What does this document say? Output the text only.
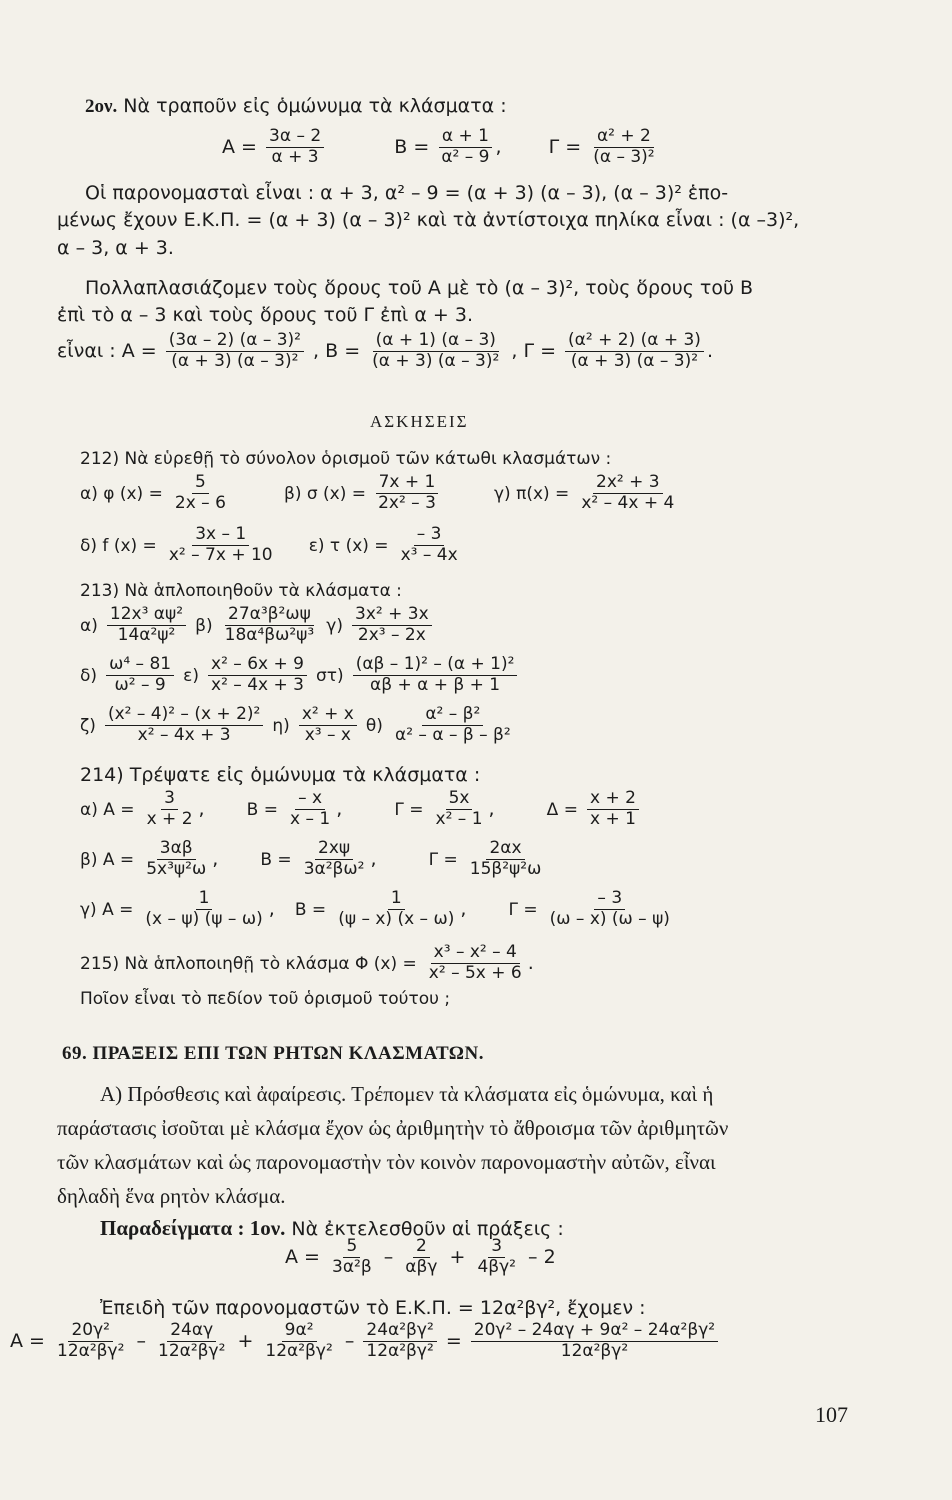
2ον. Νὰ τραποῦν εἰς ὁμώνυμα τὰ κλάσματα :
$A = \frac{3\alpha - 2}{\alpha + 3}$	$B = \frac{\alpha + 1}{\text{α² – 9}}$ , $\Gamma = \frac{\text{α² + 2}}{\text{(α – 3)²}}$
Οἱ παρονομασταὶ εἶναι : α + 3, α² – 9 = (α + 3) (α – 3), (α – 3)² ἑπο-
μένως ἔχουν Ε.Κ.Π. = (α + 3) (α – 3)² καὶ τὰ ἀντίστοιχα πηλίκα εἶναι : (α –3)²,
α – 3, α + 3.
Πολλαπλασιάζομεν τοὺς ὅρους τοῦ A μὲ τὸ (α – 3)², τοὺς ὅρους τοῦ B
ἐπὶ τὸ α – 3 καὶ τοὺς ὅρους τοῦ Γ ἐπὶ α + 3.
εἶναι : $A = \frac{\text{(3α – 2) (α – 3)²}}{\text{(α + 3) (α – 3)²}}$ , $B = \frac{(\alpha + 1) (\alpha - 3)}{\text{(α + 3) (α – 3)²}}$ , $\Gamma = \frac{\text{(α² + 2) (α + 3)}}{\text{(α + 3) (α – 3)²}}$ .
ΑΣΚΗΣΕΙΣ
212) Νὰ εὑρεθῇ τὸ σύνολον ὁρισμοῦ τῶν κάτωθι κλασμάτων :
α) φ $(x) = \frac{5}{2x - 6}$	β) σ $(x) = \frac{7x + 1}{\text{2x² – 3}}$	γ) $\pi(x) = \frac{\text{2x² + 3}}{\text{x² – 4x + 4}}$
δ) f $(x) = \frac{3x - 1}{\text{x² – 7x + 10}} \varepsilon$) τ $(x) = \frac{- 3}{\text{x³ – 4x}}$
213) Νὰ ἁπλοποιηθοῦν τὰ κλάσματα :
$\alpha) \frac{\text{12x³ αψ²}}{\text{14α²ψ²}} \beta) \frac{\text{27α³β²ωψ}}{\text{18α⁴βω²ψ³}} \gamma) \frac{\text{3x² + 3x}}{\text{2x³ – 2x}}$
$\delta) \frac{\text{ω⁴ – 81}}{\text{ω² – 9}} \varepsilon) \frac{\text{x² – 6x + 9}}{\text{x² – 4x + 3}} \sigma\tau) \frac{\text{(αβ – 1)² – (α + 1)²}}{\alpha\beta + \alpha + \beta + 1}$
$\zeta) \frac{\text{(x² – 4)² – (x + 2)²}}{\text{x² – 4x + 3}} \eta) \frac{\text{x² + x}}{\text{x³ – x}} \theta) \frac{\text{α² – β²}}{\text{α² – α – β – β²}}$
214) Τρέψατε εἰς ὁμώνυμα τὰ κλάσματα :
α) $A = \frac{3}{x + 2}$ , $B = \frac{- x}{x - 1}$ ,	$\Gamma = \frac{5x}{\text{x² – 1}}$ ,	$\Delta = \frac{x + 2}{x + 1}$
β) $A = \frac{3\alpha\beta}{\text{5x³ψ²ω}}$ , $B = \frac{2x\psi}{\text{3α²βω²}}$ ,	$\Gamma = \frac{2\alpha x}{\text{15β²ψ²ω}}$
γ) $A = \frac{1}{(x - \psi) (\psi - \omega)}$ , $B = \frac{1}{(\psi - x) (x - \omega)}$ , $\Gamma = \frac{- 3}{(\omega - x) (\omega - \psi)}$
215) Νὰ ἁπλοποιηθῇ τὸ κλάσμα Φ $(x) = \frac{\text{x³ – x² – 4}}{\text{x² – 5x + 6}}$ .
Ποῖον εἶναι τὸ πεδίον τοῦ ὁρισμοῦ τούτου ;
69. ΠΡΑΞΕΙΣ ΕΠΙ ΤΩΝ ΡΗΤΩΝ ΚΛΑΣΜΑΤΩΝ.
Α) Πρόσθεσις καὶ ἀφαίρεσις. Τρέπομεν τὰ κλάσματα εἰς ὁμώνυμα, καὶ ἡ
παράστασις ἰσοῦται μὲ κλάσμα ἔχον ὡς ἀριθμητὴν τὸ ἄθροισμα τῶν ἀριθμητῶν
τῶν κλασμάτων καὶ ὡς παρονομαστὴν τὸν κοινὸν παρονομαστὴν αὐτῶν, εἶναι
δηλαδὴ ἕνα ρητὸν κλάσμα.
Παραδείγματα : 1ον. Νὰ ἐκτελεσθοῦν αἱ πράξεις :
$A = \frac{5}{\text{3α²β}} - \frac{2}{\text{αβγ}} + \frac{3}{\text{4βγ²}} - 2$
Ἐπειδὴ τῶν παρονομαστῶν τὸ Ε.Κ.Π. = 12α²βγ², ἔχομεν :
$A = \frac{\text{20γ²}}{\text{12α²βγ²}} - \frac{24\alpha\gamma}{\text{12α²βγ²}} + \frac{\text{9α²}}{\text{12α²βγ²}} - \frac{\text{24α²βγ²}}{\text{12α²βγ²}} = \frac{\text{20γ² – 24αγ + 9α² – 24α²βγ²}}{\text{12α²βγ²}}$
107
